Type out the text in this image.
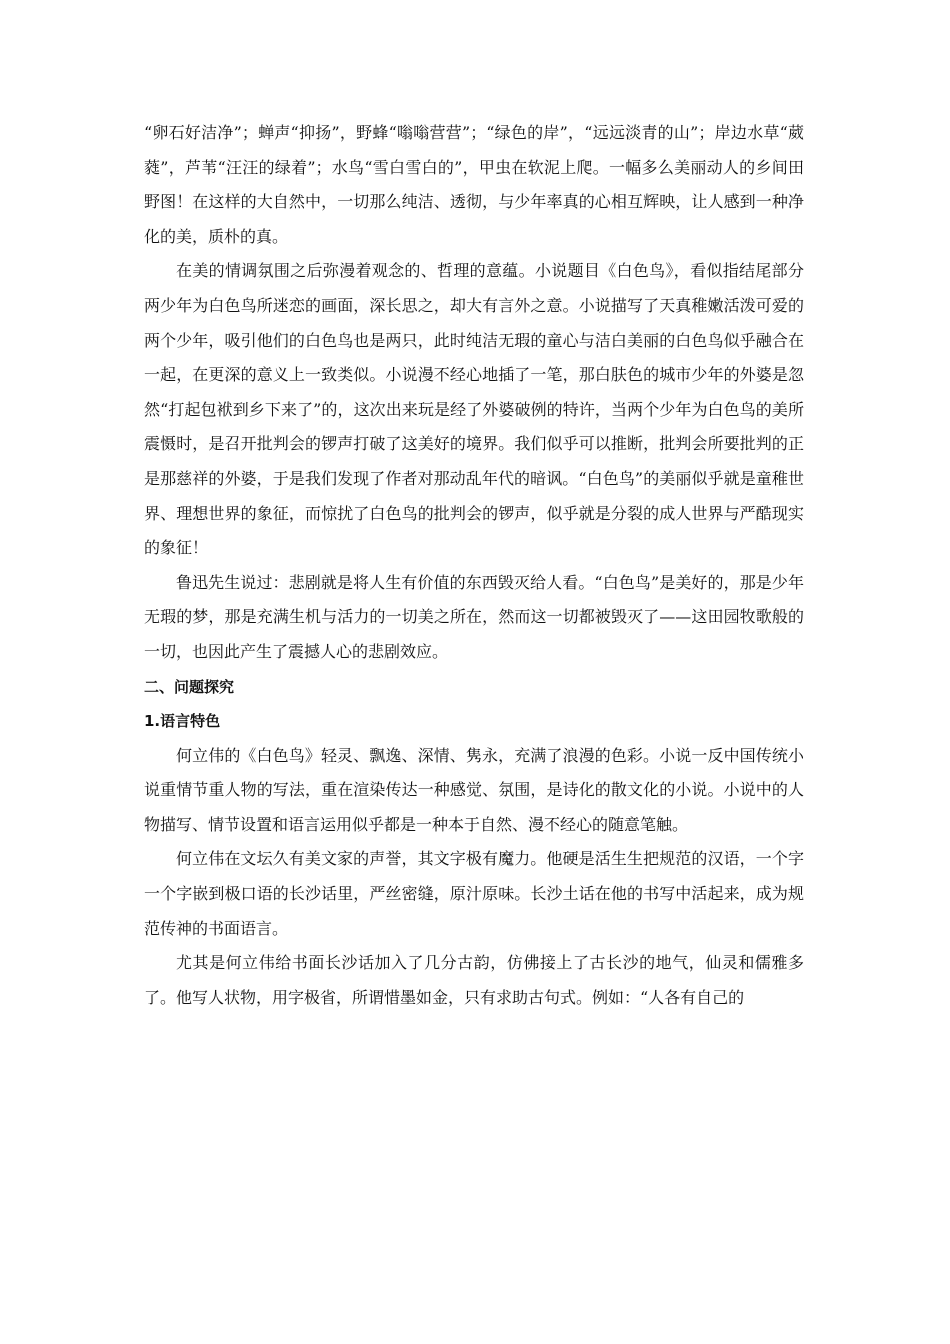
“卵石好洁净”；蝉声“抑扬”，野蜂“嗡嗡营营”；“绿色的岸”，“远远淡青的山”；岸边水草“葳蕤”，芦苇“汪汪的绿着”；水鸟“雪白雪白的”，甲虫在软泥上爬。一幅多么美丽动人的乡间田野图！在这样的大自然中，一切那么纯洁、透彻，与少年率真的心相互辉映，让人感到一种净化的美，质朴的真。

在美的情调氛围之后弥漫着观念的、哲理的意蕴。小说题目《白色鸟》，看似指结尾部分两少年为白色鸟所迷恋的画面，深长思之，却大有言外之意。小说描写了天真稚嫩活泼可爱的两个少年，吸引他们的白色鸟也是两只，此时纯洁无瑕的童心与洁白美丽的白色鸟似乎融合在一起，在更深的意义上一致类似。小说漫不经心地插了一笔，那白肤色的城市少年的外婆是忽然“打起包袱到乡下来了”的，这次出来玩是经了外婆破例的特许，当两个少年为白色鸟的美所震慑时，是召开批判会的锣声打破了这美好的境界。我们似乎可以推断，批判会所要批判的正是那慈祥的外婆，于是我们发现了作者对那动乱年代的暗讽。“白色鸟”的美丽似乎就是童稚世界、理想世界的象征，而惊扰了白色鸟的批判会的锣声，似乎就是分裂的成人世界与严酷现实的象征！

鲁迅先生说过：悲剧就是将人生有价值的东西毁灭给人看。“白色鸟”是美好的，那是少年无瑕的梦，那是充满生机与活力的一切美之所在，然而这一切都被毁灭了——这田园牧歌般的一切，也因此产生了震撼人心的悲剧效应。

二、问题探究

1.语言特色

何立伟的《白色鸟》轻灵、飘逸、深情、隽永，充满了浪漫的色彩。小说一反中国传统小说重情节重人物的写法，重在渲染传达一种感觉、氛围，是诗化的散文化的小说。小说中的人物描写、情节设置和语言运用似乎都是一种本于自然、漫不经心的随意笔触。

何立伟在文坛久有美文家的声誉，其文字极有魔力。他硬是活生生把规范的汉语，一个字一个字嵌到极口语的长沙话里，严丝密缝，原汁原味。长沙土话在他的书写中活起来，成为规范传神的书面语言。

尤其是何立伟给书面长沙话加入了几分古韵，仿佛接上了古长沙的地气，仙灵和儒雅多了。他写人状物，用字极省，所谓惜墨如金，只有求助古句式。例如：“人各有自己的
